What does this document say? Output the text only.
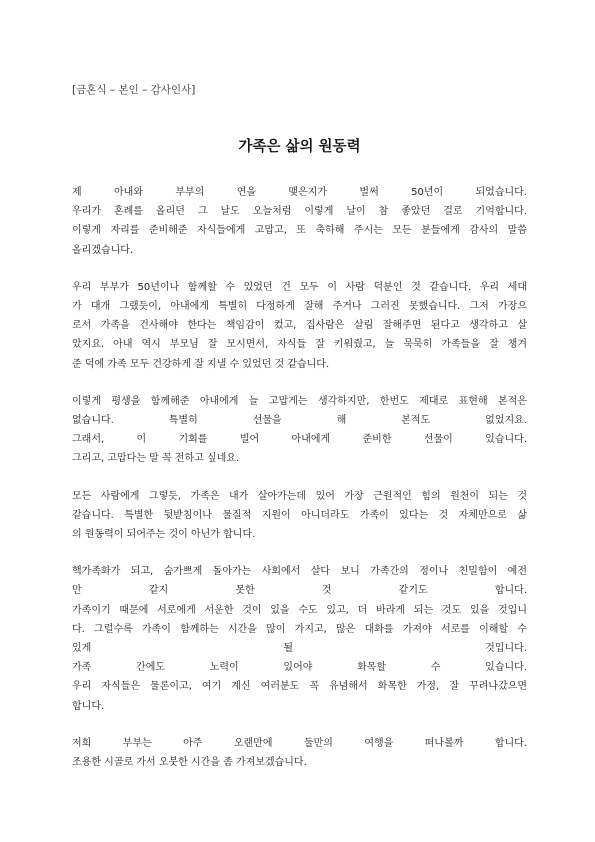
[금혼식 – 본인 – 감사인사]

가족은 삶의 원동력
제 아내와 부부의 연을 맺은지가 벌써 50년이 되었습니다.
우리가 혼례를 올리던 그 날도 오늘처럼 이렇게 날이 참 좋았던 걸로 기억합니다.
이렇게 자리를 준비해준 자식들에게 고맙고, 또 축하해 주시는 모든 분들에게 감사의 말씀
올리겠습니다.
우리 부부가 50년이나 함께할 수 있었던 건 모두 이 사람 덕분인 것 같습니다. 우리 세대
가 대개 그랬듯이, 아내에게 특별히 다정하게 잘해 주거나 그러진 못했습니다. 그저 가장으
로서 가족을 건사해야 한다는 책임감이 컸고, 집사람은 살림 잘해주면 된다고 생각하고 살
았지요. 아내 역시 부모님 잘 모시면서, 자식들 잘 키워줬고, 늘 묵묵히 가족들을 잘 챙겨
준 덕에 가족 모두 건강하게 잘 지낼 수 있었던 것 같습니다.
이렇게 평생을 함께해준 아내에게 늘 고맙게는 생각하지만, 한번도 제대로 표현해 본적은
없습니다. 특별히 선물을 해 본적도 없었지요.
그래서, 이 기회를 빌어 아내에게 준비한 선물이 있습니다.
그리고, 고맙다는 말 꼭 전하고 싶네요.
모든 사람에게 그렇듯, 가족은 내가 살아가는데 있어 가장 근원적인 힘의 원천이 되는 것
같습니다. 특별한 뒷받침이나 물질적 지원이 아니더라도 가족이 있다는 것 자체만으로 삶
의 원동력이 되어주는 것이 아닌가 합니다.
핵가족화가 되고, 숨가쁘게 돌아가는 사회에서 살다 보니 가족간의 정이나 친밀함이 예전
만 같지 못한 것 같기도 합니다.
가족이기 때문에 서로에게 서운한 것이 있을 수도 있고, 더 바라게 되는 것도 있을 것입니
다. 그럴수록 가족이 함께하는 시간을 많이 가지고, 많은 대화를 가져야 서로를 이해할 수
있게 될 것입니다.
가족 간에도 노력이 있어야 화목할 수 있습니다.
우리 자식들은 물론이고, 여기 계신 여러분도 꼭 유념해서 화목한 가정, 잘 꾸려나갔으면
합니다.
저희 부부는 아주 오랜만에 둘만의 여행을 떠나볼까 합니다.
조용한 시골로 가서 오붓한 시간을 좀 가져보겠습니다.
